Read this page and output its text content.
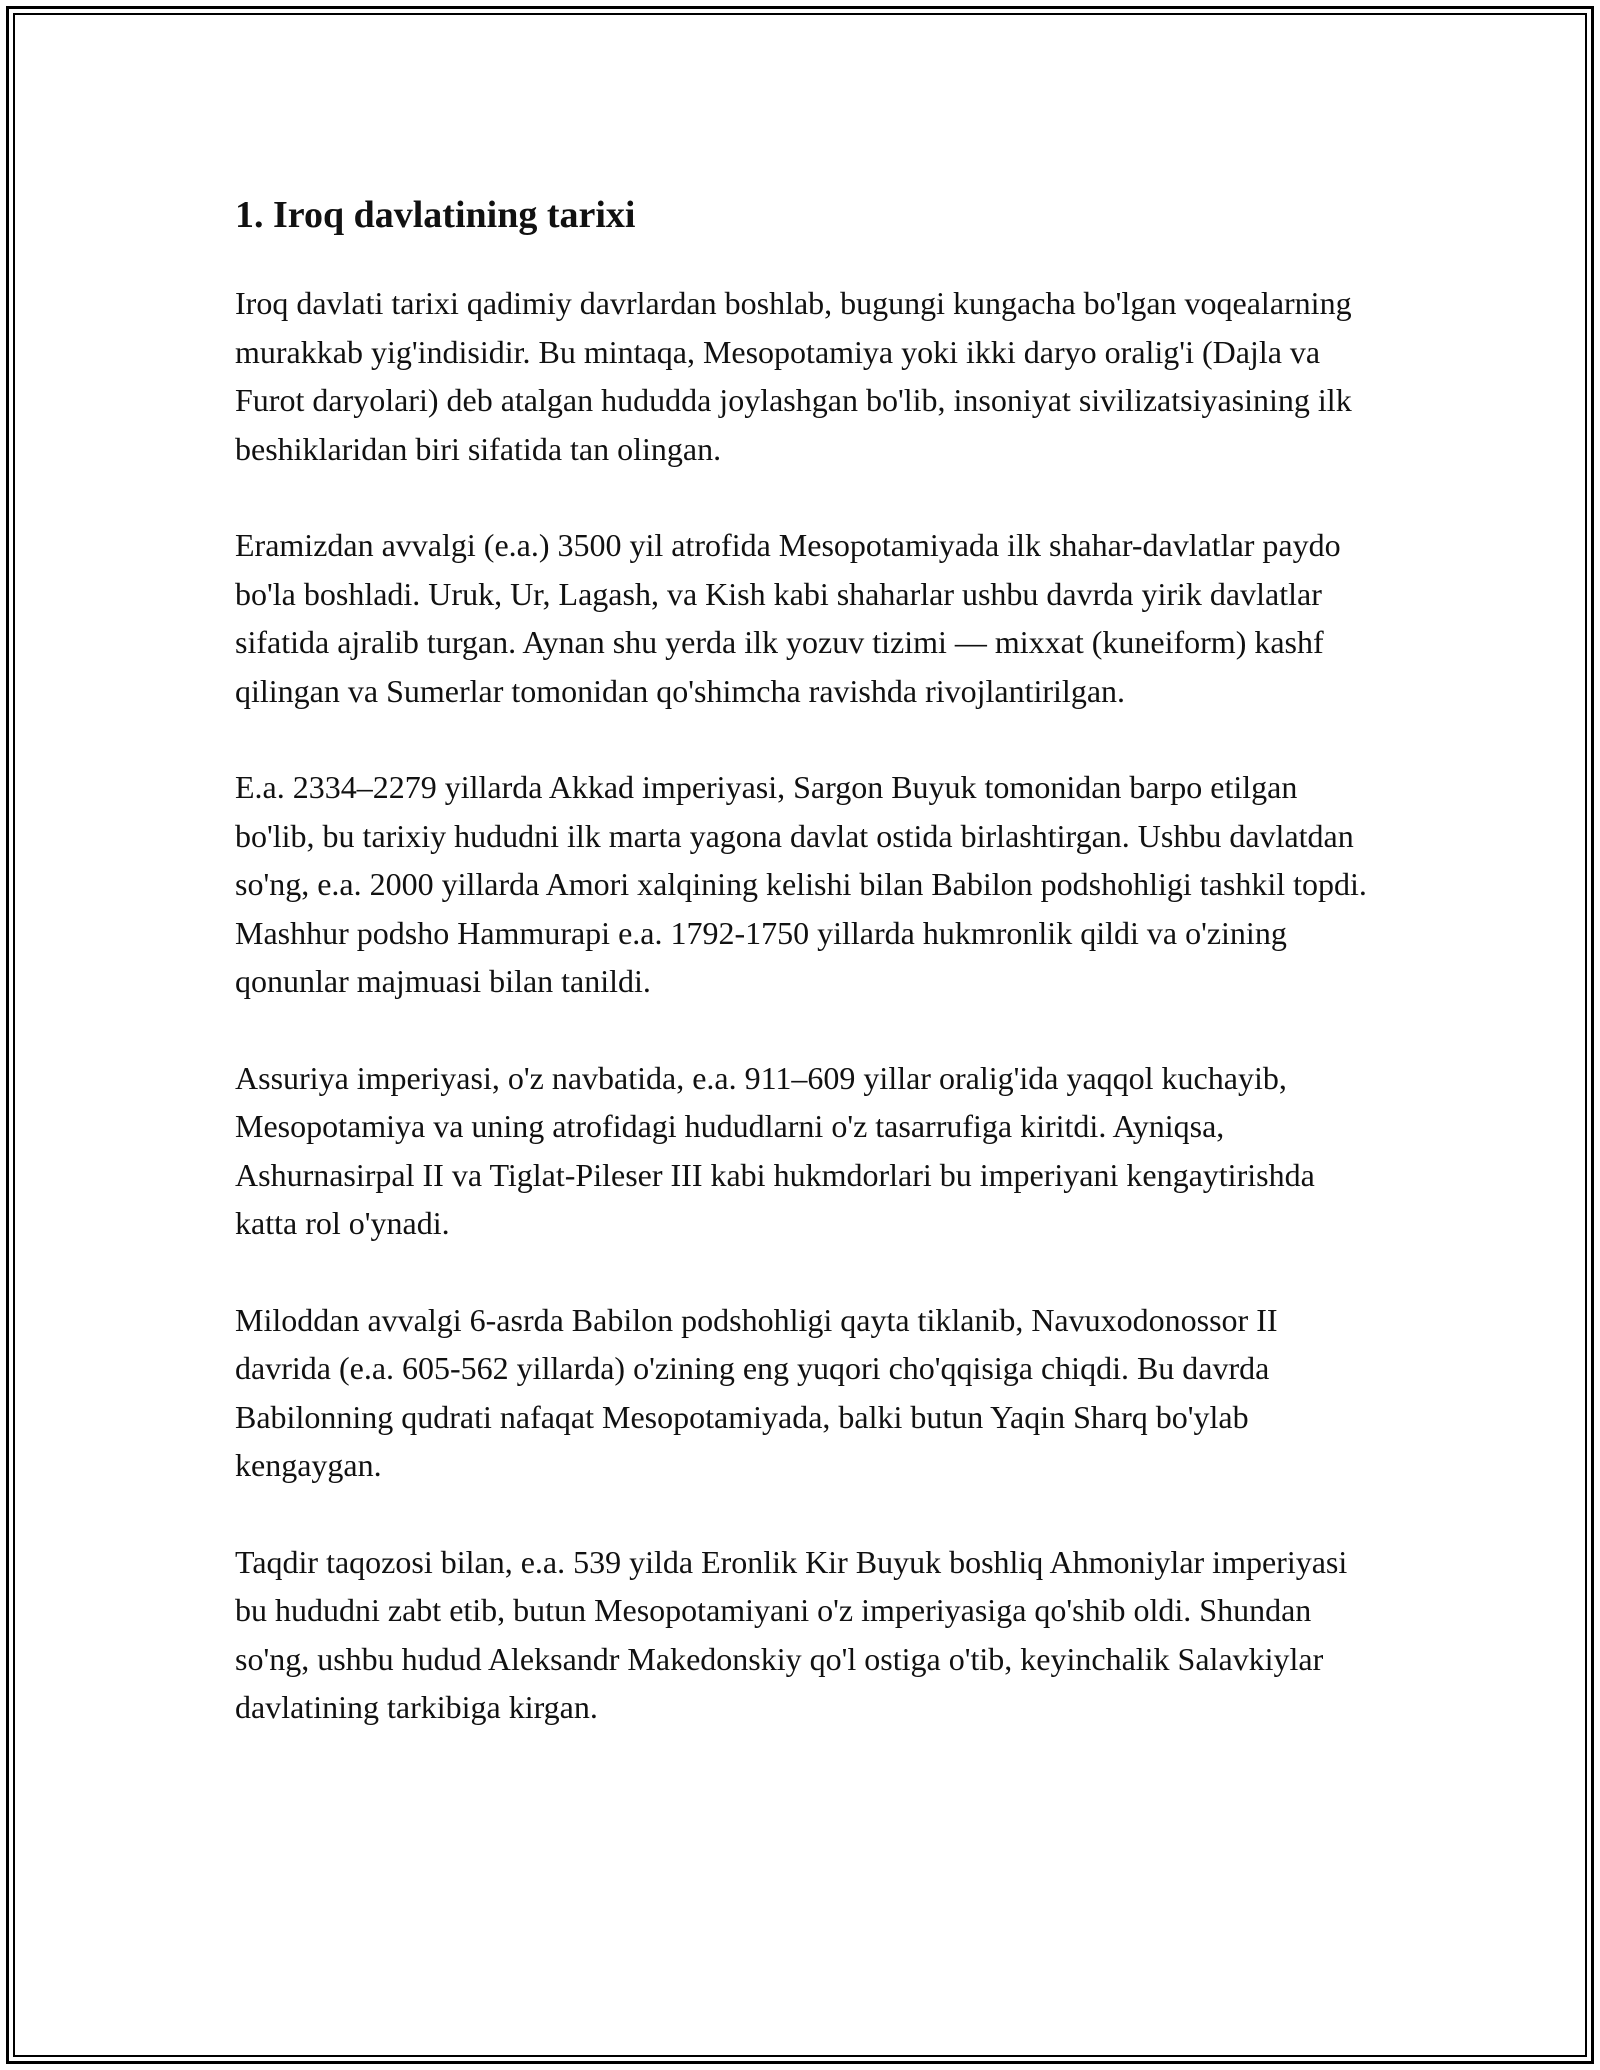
1. Iroq davlatining tarixi

Iroq davlati tarixi qadimiy davrlardan boshlab, bugungi kungacha bo'lgan voqealarning murakkab yig'indisidir. Bu mintaqa, Mesopotamiya yoki ikki daryo oralig'i (Dajla va Furot daryolari) deb atalgan hududda joylashgan bo'lib, insoniyat sivilizatsiyasining ilk beshiklaridan biri sifatida tan olingan.

Eramizdan avvalgi (e.a.) 3500 yil atrofida Mesopotamiyada ilk shahar-davlatlar paydo bo'la boshladi. Uruk, Ur, Lagash, va Kish kabi shaharlar ushbu davrda yirik davlatlar sifatida ajralib turgan. Aynan shu yerda ilk yozuv tizimi — mixxat (kuneiform) kashf qilingan va Sumerlar tomonidan qo'shimcha ravishda rivojlantirilgan.

E.a. 2334–2279 yillarda Akkad imperiyasi, Sargon Buyuk tomonidan barpo etilgan bo'lib, bu tarixiy hududni ilk marta yagona davlat ostida birlashtirgan. Ushbu davlatdan so'ng, e.a. 2000 yillarda Amori xalqining kelishi bilan Babilon podshohligi tashkil topdi. Mashhur podsho Hammurapi e.a. 1792-1750 yillarda hukmronlik qildi va o'zining qonunlar majmuasi bilan tanildi.

Assuriya imperiyasi, o'z navbatida, e.a. 911–609 yillar oralig'ida yaqqol kuchayib, Mesopotamiya va uning atrofidagi hududlarni o'z tasarrufiga kiritdi. Ayniqsa, Ashurnasirpal II va Tiglat-Pileser III kabi hukmdorlari bu imperiyani kengaytirishda katta rol o'ynadi.

Miloddan avvalgi 6-asrda Babilon podshohligi qayta tiklanib, Navuxodonossor II davrida (e.a. 605-562 yillarda) o'zining eng yuqori cho'qqisiga chiqdi. Bu davrda Babilonning qudrati nafaqat Mesopotamiyada, balki butun Yaqin Sharq bo'ylab kengaygan.

Taqdir taqozosi bilan, e.a. 539 yilda Eronlik Kir Buyuk boshliq Ahmoniylar imperiyasi bu hududni zabt etib, butun Mesopotamiyani o'z imperiyasiga qo'shib oldi. Shundan so'ng, ushbu hudud Aleksandr Makedonskiy qo'l ostiga o'tib, keyinchalik Salavkiylar davlatining tarkibiga kirgan.
